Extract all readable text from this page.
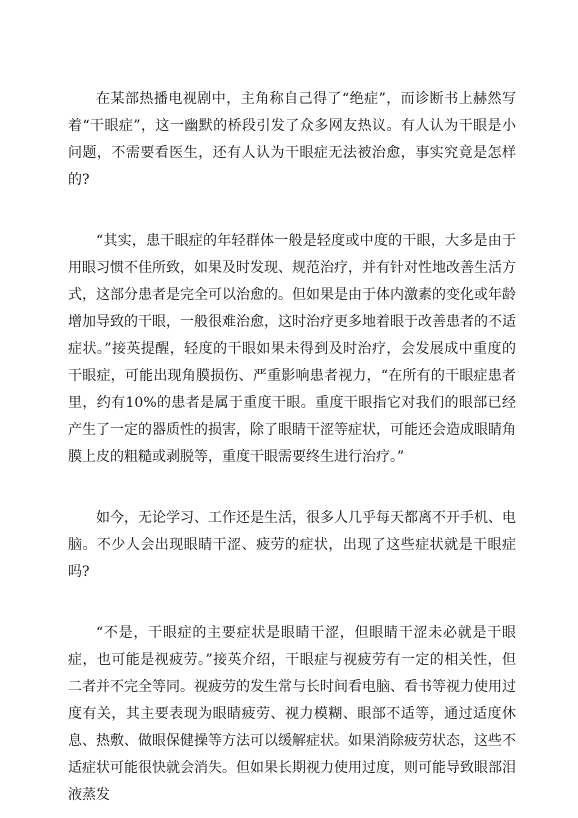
在某部热播电视剧中，主角称自己得了“绝症”，而诊断书上赫然写着“干眼症”，这一幽默的桥段引发了众多网友热议。有人认为干眼是小问题，不需要看医生，还有人认为干眼症无法被治愈，事实究竟是怎样的?

“其实，患干眼症的年轻群体一般是轻度或中度的干眼，大多是由于用眼习惯不佳所致，如果及时发现、规范治疗，并有针对性地改善生活方式，这部分患者是完全可以治愈的。但如果是由于体内激素的变化或年龄增加导致的干眼，一般很难治愈，这时治疗更多地着眼于改善患者的不适症状。”接英提醒，轻度的干眼如果未得到及时治疗，会发展成中重度的干眼症，可能出现角膜损伤、严重影响患者视力，“在所有的干眼症患者里，约有10%的患者是属于重度干眼。重度干眼指它对我们的眼部已经产生了一定的器质性的损害，除了眼睛干涩等症状，可能还会造成眼睛角膜上皮的粗糙或剥脱等，重度干眼需要终生进行治疗。”

如今，无论学习、工作还是生活，很多人几乎每天都离不开手机、电脑。不少人会出现眼睛干涩、疲劳的症状，出现了这些症状就是干眼症吗?

“不是，干眼症的主要症状是眼睛干涩，但眼睛干涩未必就是干眼症，也可能是视疲劳。”接英介绍，干眼症与视疲劳有一定的相关性，但二者并不完全等同。视疲劳的发生常与长时间看电脑、看书等视力使用过度有关，其主要表现为眼睛疲劳、视力模糊、眼部不适等，通过适度休息、热敷、做眼保健操等方法可以缓解症状。如果消除疲劳状态，这些不适症状可能很快就会消失。但如果长期视力使用过度，则可能导致眼部泪液蒸发
